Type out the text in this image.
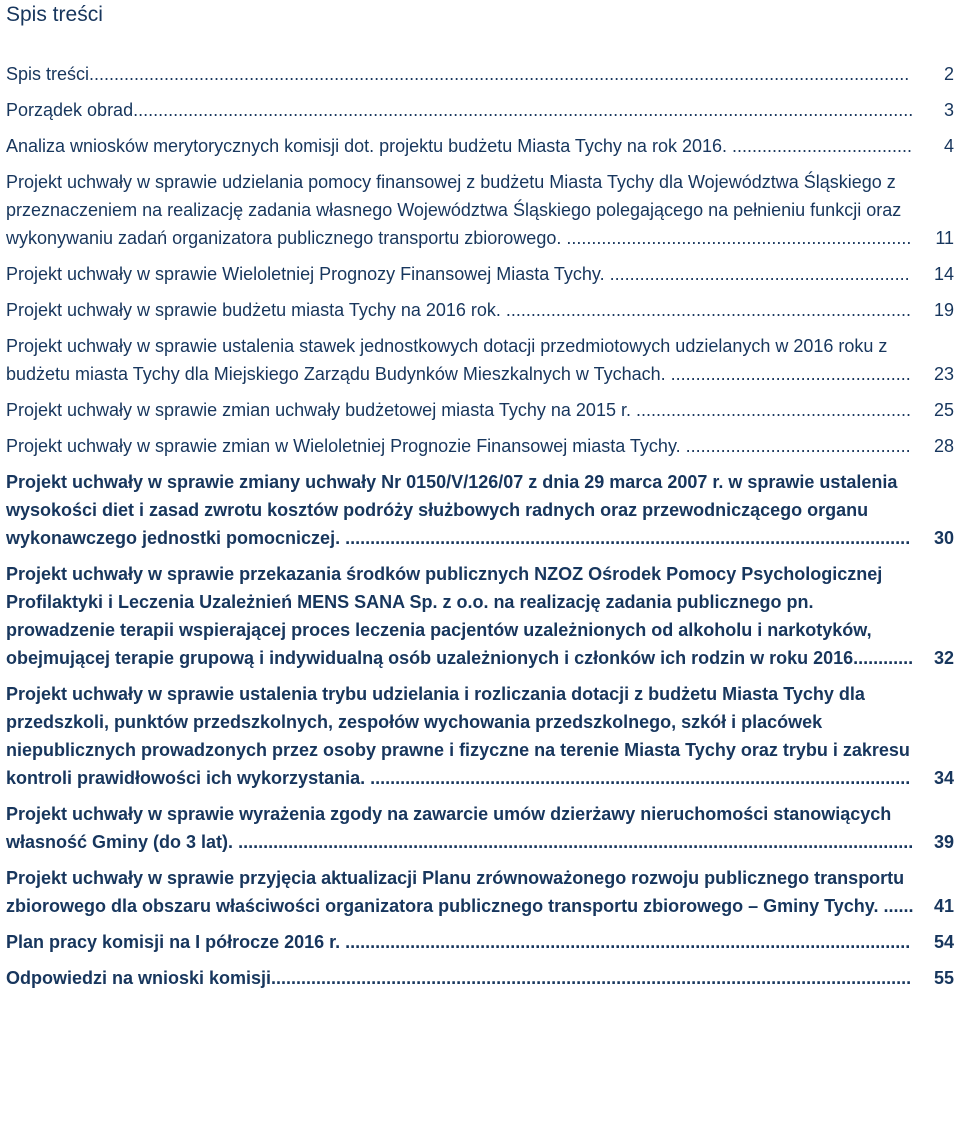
Spis treści
Spis treści....................................................................................................................................................................	2
Porządek obrad............................................................................................................................................................	3
Analiza wniosków merytorycznych komisji dot. projektu budżetu Miasta Tychy na rok 2016. ....................................	4
Projekt uchwały w sprawie udzielania pomocy finansowej z budżetu Miasta Tychy dla Województwa Śląskiego z przeznaczeniem na realizację zadania własnego Województwa Śląskiego polegającego na pełnieniu funkcji oraz wykonywaniu zadań organizatora publicznego transportu zbiorowego. .....................................................................	11
Projekt uchwały w sprawie Wieloletniej Prognozy Finansowej Miasta Tychy. ............................................................	14
Projekt uchwały w sprawie budżetu miasta Tychy na 2016 rok. .................................................................................	19
Projekt uchwały w sprawie ustalenia stawek jednostkowych dotacji przedmiotowych udzielanych w 2016 roku z budżetu miasta Tychy dla Miejskiego Zarządu Budynków Mieszkalnych w Tychach. ................................................	23
Projekt uchwały w sprawie zmian uchwały budżetowej miasta Tychy na 2015 r. .......................................................	25
Projekt uchwały w sprawie zmian w Wieloletniej Prognozie Finansowej miasta Tychy. .............................................	28
Projekt uchwały w sprawie zmiany uchwały Nr 0150/V/126/07 z dnia 29 marca 2007 r. w sprawie ustalenia wysokości diet i zasad zwrotu kosztów podróży służbowych radnych oraz przewodniczącego organu wykonawczego jednostki pomocniczej. .................................................................................................................	30
Projekt uchwały w sprawie przekazania środków publicznych NZOZ Ośrodek Pomocy Psychologicznej Profilaktyki i Leczenia Uzależnień MENS SANA Sp. z o.o. na realizację zadania publicznego pn. prowadzenie terapii wspierającej proces leczenia pacjentów uzależnionych od alkoholu i narkotyków, obejmującej terapie grupową i indywidualną osób uzależnionych i członków ich rodzin w roku 2016............	32
Projekt uchwały w sprawie ustalenia trybu udzielania i rozliczania dotacji z budżetu Miasta Tychy dla przedszkoli, punktów przedszkolnych, zespołów wychowania przedszkolnego, szkół i placówek niepublicznych prowadzonych przez osoby prawne i fizyczne na terenie Miasta Tychy oraz trybu i zakresu kontroli prawidłowości ich wykorzystania. ............................................................................................................	34
Projekt uchwały w sprawie wyrażenia zgody na zawarcie umów dzierżawy nieruchomości stanowiących własność Gminy (do 3 lat). .......................................................................................................................................	39
Projekt uchwały w sprawie przyjęcia aktualizacji Planu zrównoważonego rozwoju publicznego transportu zbiorowego dla obszaru właściwości organizatora publicznego transportu zbiorowego – Gminy Tychy. ......	41
Plan pracy komisji na I półrocze 2016 r. .................................................................................................................	54
Odpowiedzi na wnioski komisji................................................................................................................................	55
